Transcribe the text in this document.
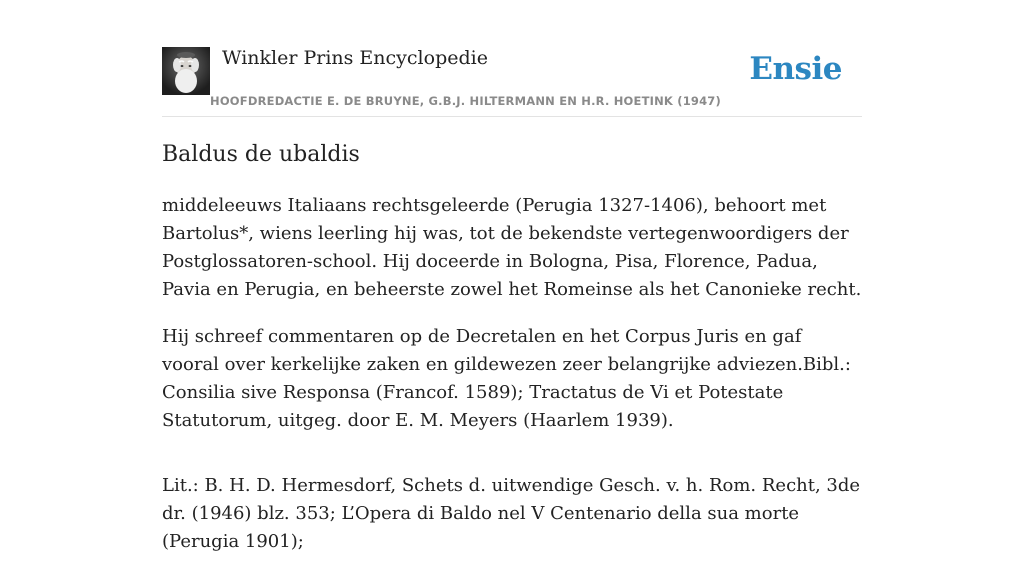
Winkler Prins Encyclopedie
HOOFDREDACTIE E. DE BRUYNE, G.B.J. HILTERMANN EN H.R. HOETINK (1947)
Ensie
Baldus de ubaldis

middeleeuws Italiaans rechtsgeleerde (Perugia 1327-1406), behoort met Bartolus*, wiens leerling hij was, tot de bekendste vertegenwoordigers der Postglossatoren-school. Hij doceerde in Bologna, Pisa, Florence, Padua, Pavia en Perugia, en beheerste zowel het Romeinse als het Canonieke recht.

Hij schreef commentaren op de Decretalen en het Corpus Juris en gaf vooral over kerkelijke zaken en gildewezen zeer belangrijke adviezen.Bibl.: Consilia sive Responsa (Francof. 1589); Tractatus de Vi et Potestate Statutorum, uitgeg. door E. M. Meyers (Haarlem 1939).

Lit.: B. H. D. Hermesdorf, Schets d. uitwendige Gesch. v. h. Rom. Recht, 3de dr. (1946) blz. 353; L’Opera di Baldo nel V Centenario della sua morte (Perugia 1901);
